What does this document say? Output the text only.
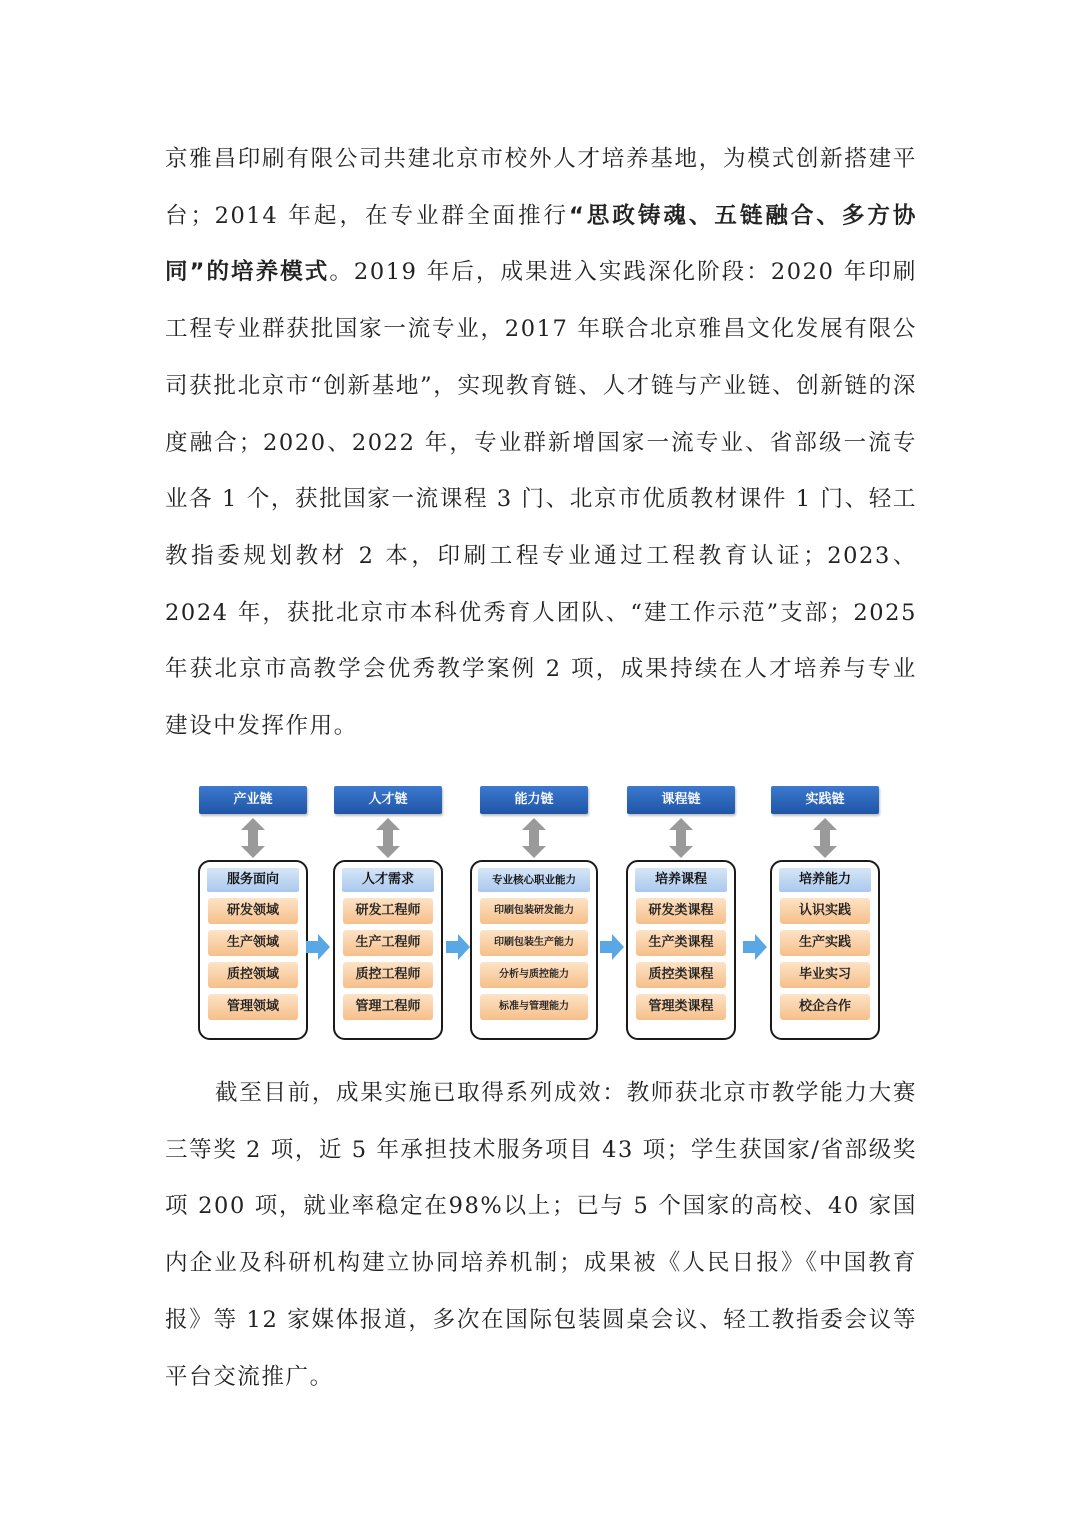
京雅昌印刷有限公司共建北京市校外人才培养基地，为模式创新搭建平台；2014 年起，在专业群全面推行“思政铸魂、五链融合、多方协同”的培养模式。2019 年后，成果进入实践深化阶段：2020 年印刷工程专业群获批国家一流专业，2017 年联合北京雅昌文化发展有限公司获批北京市“创新基地”，实现教育链、人才链与产业链、创新链的深度融合；2020、2022 年，专业群新增国家一流专业、省部级一流专业各 1 个，获批国家一流课程 3 门、北京市优质教材课件 1 门、轻工教指委规划教材 2 本，印刷工程专业通过工程教育认证；2023、2024 年，获批北京市本科优秀育人团队、“建工作示范”支部；2025 年获北京市高教学会优秀教学案例 2 项，成果持续在人才培养与专业建设中发挥作用。

产业链
服务面向
研发领域
生产领域
质控领域
管理领域
人才链
人才需求
研发工程师
生产工程师
质控工程师
管理工程师
能力链
专业核心职业能力
印刷包装研发能力
印刷包装生产能力
分析与质控能力
标准与管理能力
课程链
培养课程
研发类课程
生产类课程
质控类课程
管理类课程
实践链
培养能力
认识实践
生产实践
毕业实习
校企合作

截至目前，成果实施已取得系列成效：教师获北京市教学能力大赛三等奖 2 项，近 5 年承担技术服务项目 43 项；学生获国家/省部级奖项 200 项，就业率稳定在98%以上；已与 5 个国家的高校、40 家国内企业及科研机构建立协同培养机制；成果被《人民日报》《中国教育报》等 12 家媒体报道，多次在国际包装圆桌会议、轻工教指委会议等平台交流推广。
